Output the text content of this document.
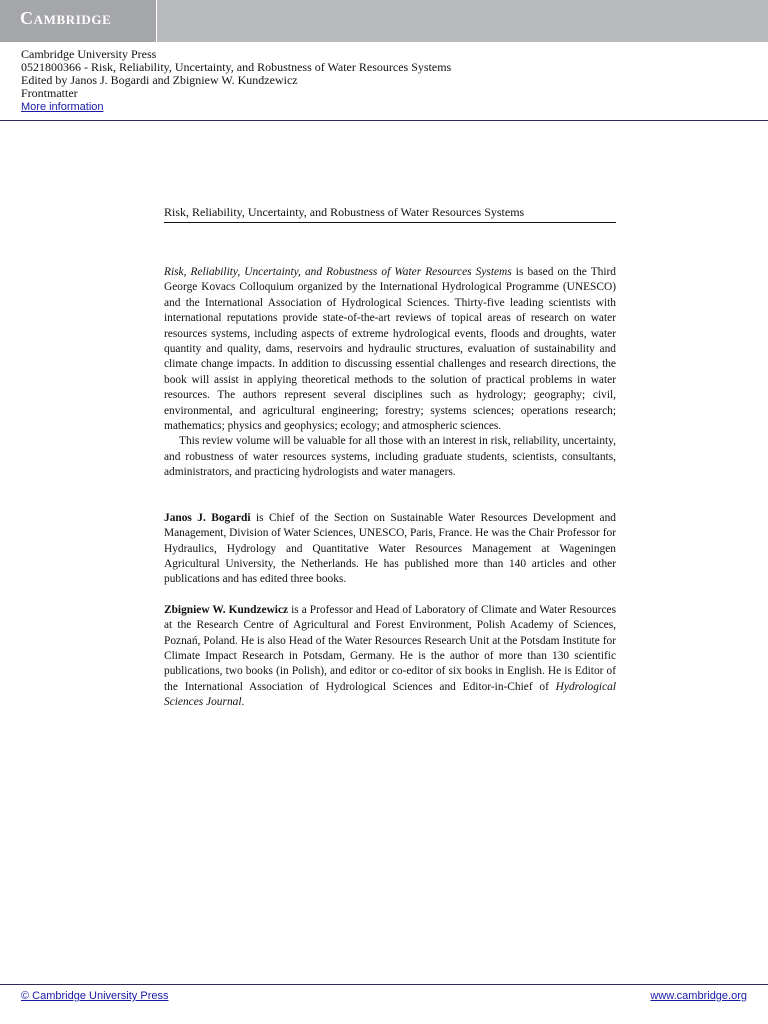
Cambridge
Cambridge University Press
0521800366 - Risk, Reliability, Uncertainty, and Robustness of Water Resources Systems
Edited by Janos J. Bogardi and Zbigniew W. Kundzewicz
Frontmatter
More information
Risk, Reliability, Uncertainty, and Robustness of Water Resources Systems

Risk, Reliability, Uncertainty, and Robustness of Water Resources Systems is based on the Third George Kovacs Colloquium organized by the International Hydrological Programme (UNESCO) and the International Association of Hydrological Sciences. Thirty-five leading scientists with international reputations provide state-of-the-art reviews of topical areas of research on water resources systems, including aspects of extreme hydrological events, floods and droughts, water quantity and quality, dams, reservoirs and hydraulic structures, evaluation of sustainability and climate change impacts. In addition to discussing essential challenges and research directions, the book will assist in applying theoretical methods to the solution of practical problems in water resources. The authors represent several disciplines such as hydrology; geography; civil, environmental, and agricultural engineering; forestry; systems sciences; operations research; mathematics; physics and geophysics; ecology; and atmospheric sciences.

This review volume will be valuable for all those with an interest in risk, reliability, uncertainty, and robustness of water resources systems, including graduate students, scientists, consultants, administrators, and practicing hydrologists and water managers.

Janos J. Bogardi is Chief of the Section on Sustainable Water Resources Development and Management, Division of Water Sciences, UNESCO, Paris, France. He was the Chair Professor for Hydraulics, Hydrology and Quantitative Water Resources Management at Wageningen Agricultural University, the Netherlands. He has published more than 140 articles and other publications and has edited three books.

Zbigniew W. Kundzewicz is a Professor and Head of Laboratory of Climate and Water Resources at the Research Centre of Agricultural and Forest Environment, Polish Academy of Sciences, Poznań, Poland. He is also Head of the Water Resources Research Unit at the Potsdam Institute for Climate Impact Research in Potsdam, Germany. He is the author of more than 130 scientific publications, two books (in Polish), and editor or co-editor of six books in English. He is Editor of the International Association of Hydrological Sciences and Editor-in-Chief of Hydrological Sciences Journal.

© Cambridge University Press	www.cambridge.org
